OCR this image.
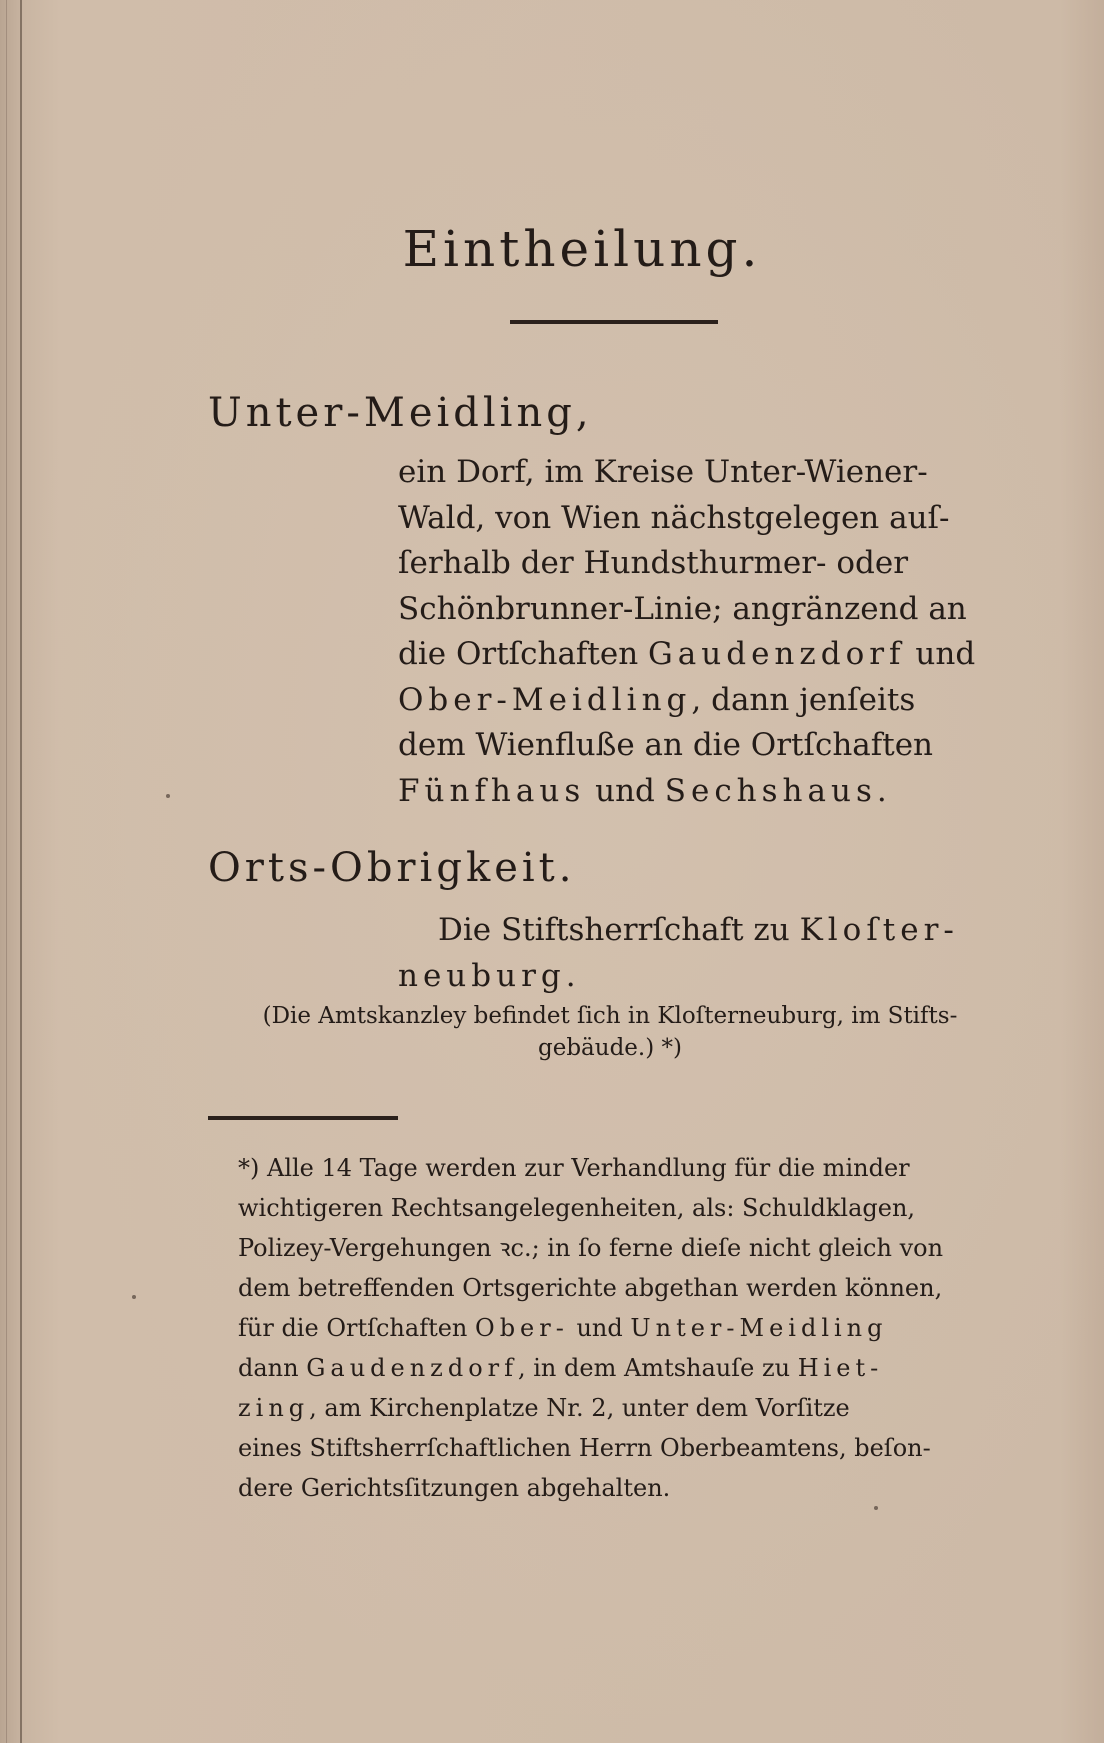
Eintheilung.
Unter-Meidling,
ein Dorf, im Kreise Unter-Wiener-
Wald, von Wien nächstgelegen auſ-
ſerhalb der Hundsthurmer- oder
Schönbrunner-Linie; angränzend an
die Ortſchaften Gaudenzdorf und
Ober-Meidling, dann jenſeits
dem Wienfluße an die Ortſchaften
Fünfhaus und Sechshaus.
Orts-Obrigkeit.
Die Stiftsherrſchaft zu Kloſter-
neuburg.
(Die Amtskanzley befindet ſich in Kloſterneuburg, im Stifts-
gebäude.) *)
*) Alle 14 Tage werden zur Verhandlung für die minder
wichtigeren Rechtsangelegenheiten, als: Schuldklagen,
Polizey-Vergehungen ꝛc.; in ſo ferne dieſe nicht gleich von
dem betreffenden Ortsgerichte abgethan werden können,
für die Ortſchaften Ober- und Unter-Meidling
dann Gaudenzdorf, in dem Amtshauſe zu Hiet-
zing, am Kirchenplatze Nr. 2, unter dem Vorſitze
eines Stiftsherrſchaftlichen Herrn Oberbeamtens, beſon-
dere Gerichtsſitzungen abgehalten.
